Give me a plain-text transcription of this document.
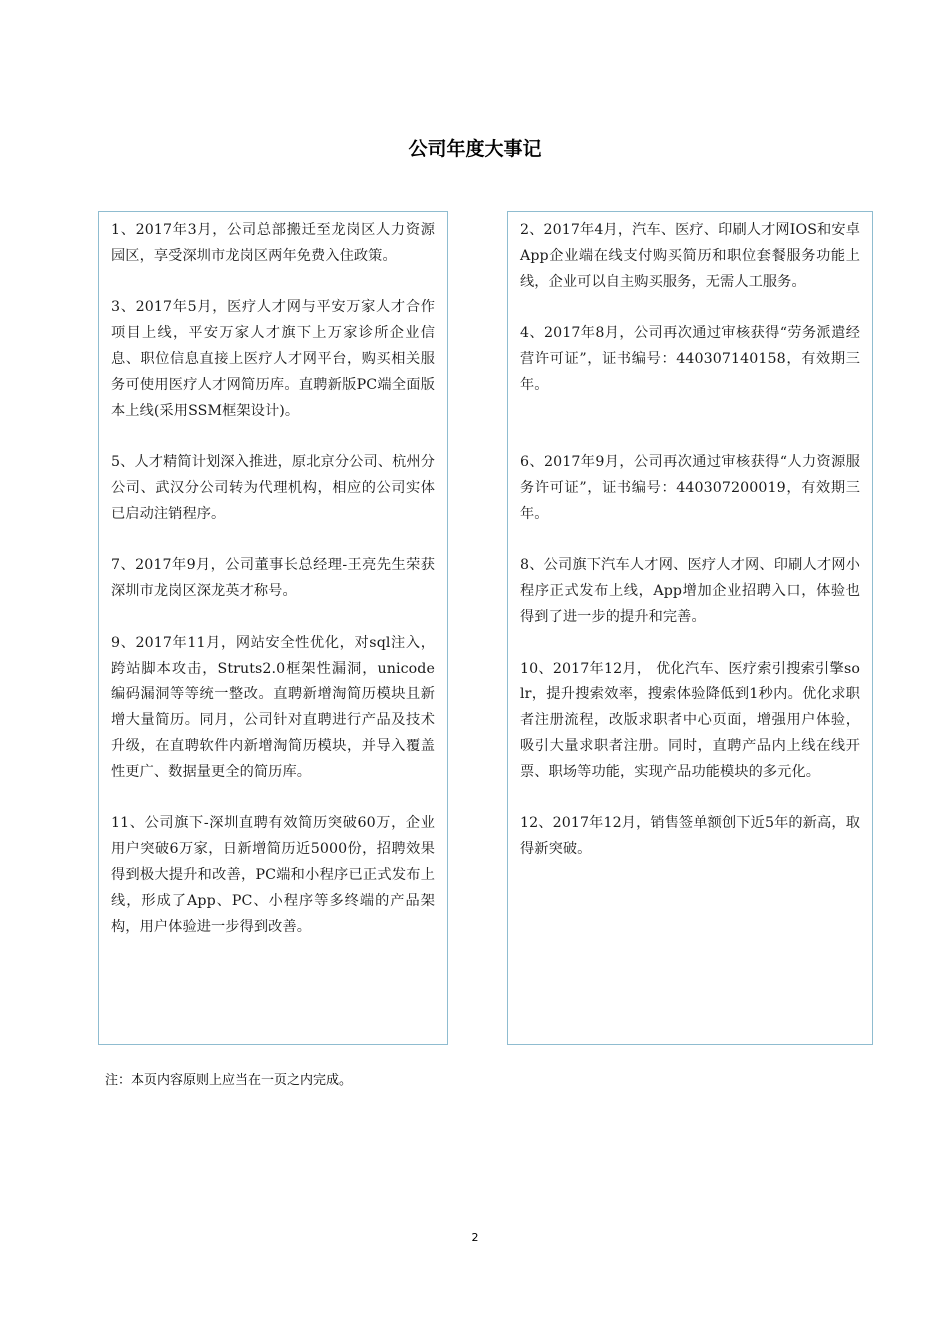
公司年度大事记

1、2017年3月，公司总部搬迁至龙岗区人力资源园区，享受深圳市龙岗区两年免费入住政策。

3、2017年5月，医疗人才网与平安万家人才合作项目上线，平安万家人才旗下上万家诊所企业信息、职位信息直接上医疗人才网平台，购买相关服务可使用医疗人才网简历库。直聘新版PC端全面版本上线(采用SSM框架设计)。

5、人才精简计划深入推进，原北京分公司、杭州分公司、武汉分公司转为代理机构，相应的公司实体已启动注销程序。

7、2017年9月，公司董事长总经理-王亮先生荣获深圳市龙岗区深龙英才称号。

9、2017年11月，网站安全性优化，对sql注入，跨站脚本攻击，Struts2.0框架性漏洞，unicode编码漏洞等等统一整改。直聘新增淘简历模块且新增大量简历。同月，公司针对直聘进行产品及技术升级，在直聘软件内新增淘简历模块，并导入覆盖性更广、数据量更全的简历库。

11、公司旗下-深圳直聘有效简历突破60万，企业用户突破6万家，日新增简历近5000份，招聘效果得到极大提升和改善，PC端和小程序已正式发布上线，形成了App、PC、小程序等多终端的产品架构，用户体验进一步得到改善。

2、2017年4月，汽车、医疗、印刷人才网IOS和安卓App企业端在线支付购买简历和职位套餐服务功能上线，企业可以自主购买服务，无需人工服务。

4、2017年8月，公司再次通过审核获得“劳务派遣经营许可证”，证书编号：440307140158，有效期三年。

6、2017年9月，公司再次通过审核获得“人力资源服务许可证”，证书编号：440307200019，有效期三年。

8、公司旗下汽车人才网、医疗人才网、印刷人才网小程序正式发布上线，App增加企业招聘入口，体验也得到了进一步的提升和完善。

10、2017年12月， 优化汽车、医疗索引搜索引擎solr，提升搜索效率，搜索体验降低到1秒内。优化求职者注册流程，改版求职者中心页面，增强用户体验，吸引大量求职者注册。同时，直聘产品内上线在线开票、职场等功能，实现产品功能模块的多元化。

12、2017年12月，销售签单额创下近5年的新高，取得新突破。

注：本页内容原则上应当在一页之内完成。
2
